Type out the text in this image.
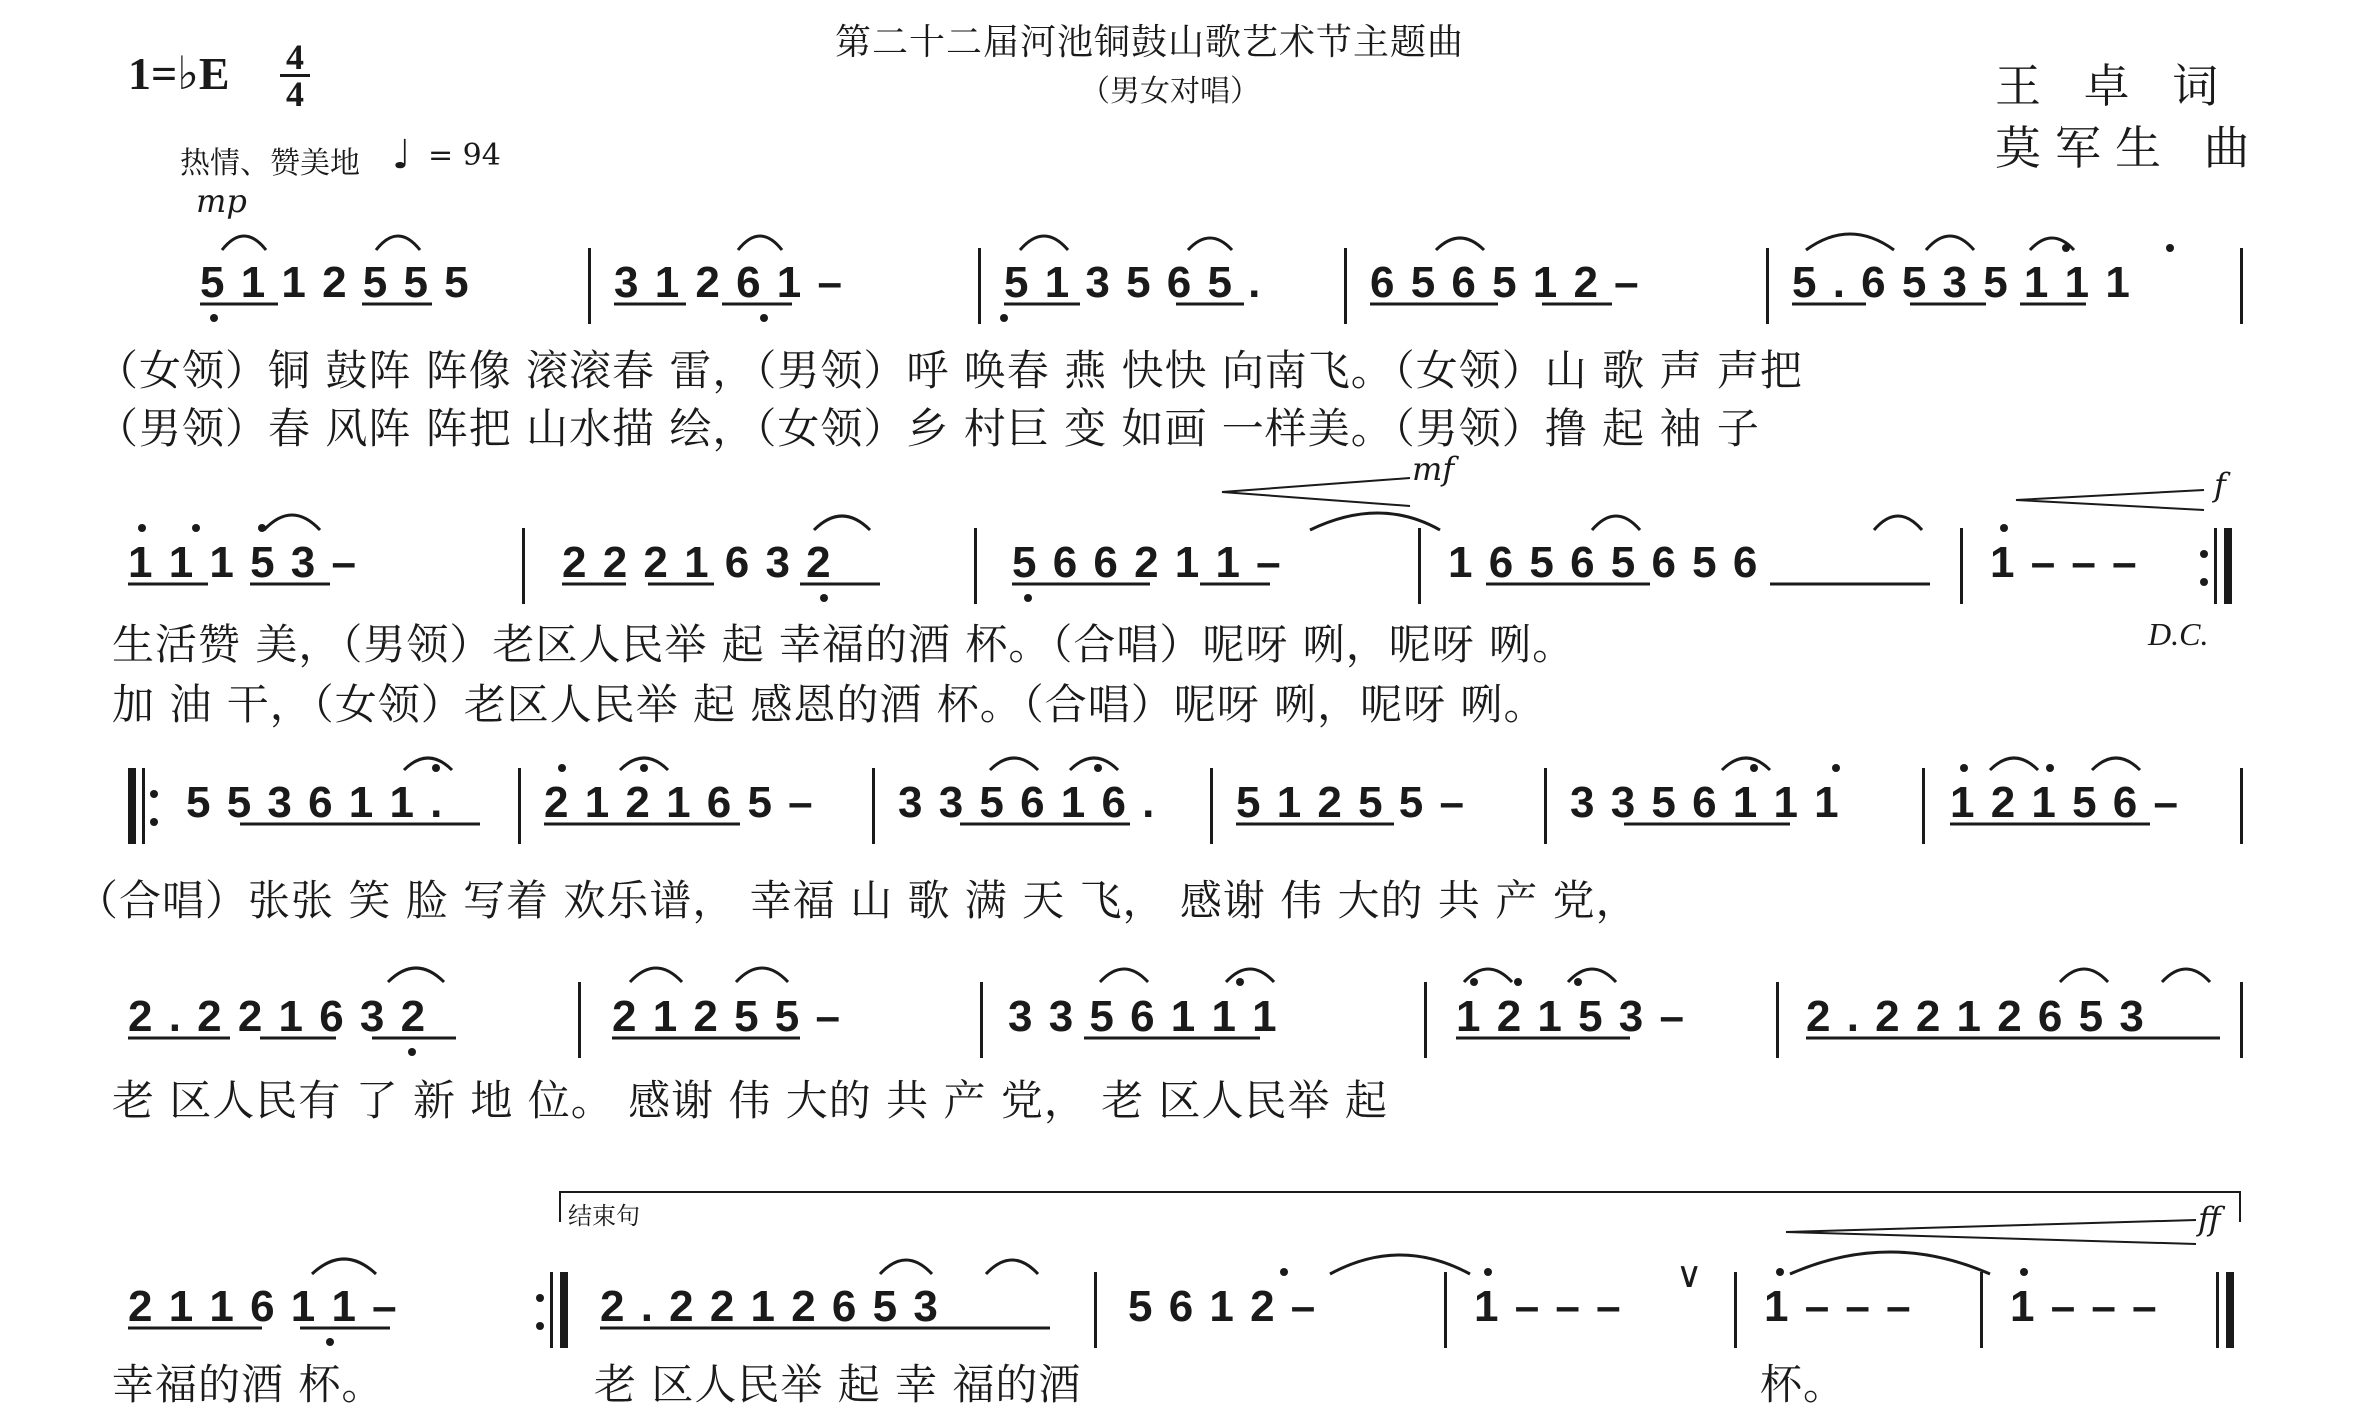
第二十二届河池铜鼓山歌艺术节主题曲
（男女对唱）	王 卓 词
莫军生 曲
1=♭E 4
4
热情、赞美地 ♩ = 94
mp
5 1 1 2 5 5 5	3 1 2 6 1 –	5 1 3 5 6 5 . 6 5 6 5 1 2 –	5 . 6 5 3 5 1 1 1
（女领）铜 鼓阵 阵像 滚滚春 雷，（男领）呼 唤春 燕 快快 向南飞。（女领）山 歌 声 声把
（男领）春 风阵 阵把 山水描 绘，（女领）乡 村巨 变 如画 一样美。（男领）撸 起 袖 子
mf	f
1 1 1 5 3 –	2 2 2 1 6 3 2	5 6 6 2 1 1 –	1 6 5 6 5 6 5 6	1 – – –
生活赞 美，（男领）老区人民举 起 幸福的酒 杯。（合唱）呢呀 咧，呢呀 咧。
加 油 干，（女领）老区人民举 起 感恩的酒 杯。（合唱）呢呀 咧，呢呀 咧。
D.C.
5 5 3 6 1 1 . 2 1 2 1 6 5 – 3 3 5 6 1 6 . 5 1 2 5 5 – 3 3 5 6 1 1 1 1 2 1 5 6 –
（合唱）张张 笑 脸 写着 欢乐谱， 幸福 山 歌 满 天 飞， 感谢 伟 大的 共 产 党，
2 . 2 2 1 6 3 2	2 1 2 5 5 –	3 3 5 6 1 1 1	1 2 1 5 3 –	2 . 2 2 1 2 6 5 3
老 区人民有 了 新 地 位。 感谢 伟 大的 共 产 党， 老 区人民举 起
结束句	ff
2 1 1 6 1 1 –	2 . 2 2 1 2 6 5 3	5 6 1 2 –	1 – – –	1 – – – 1 – – –
∨
幸福的酒 杯。	老 区人民举 起 幸 福的酒	杯。
